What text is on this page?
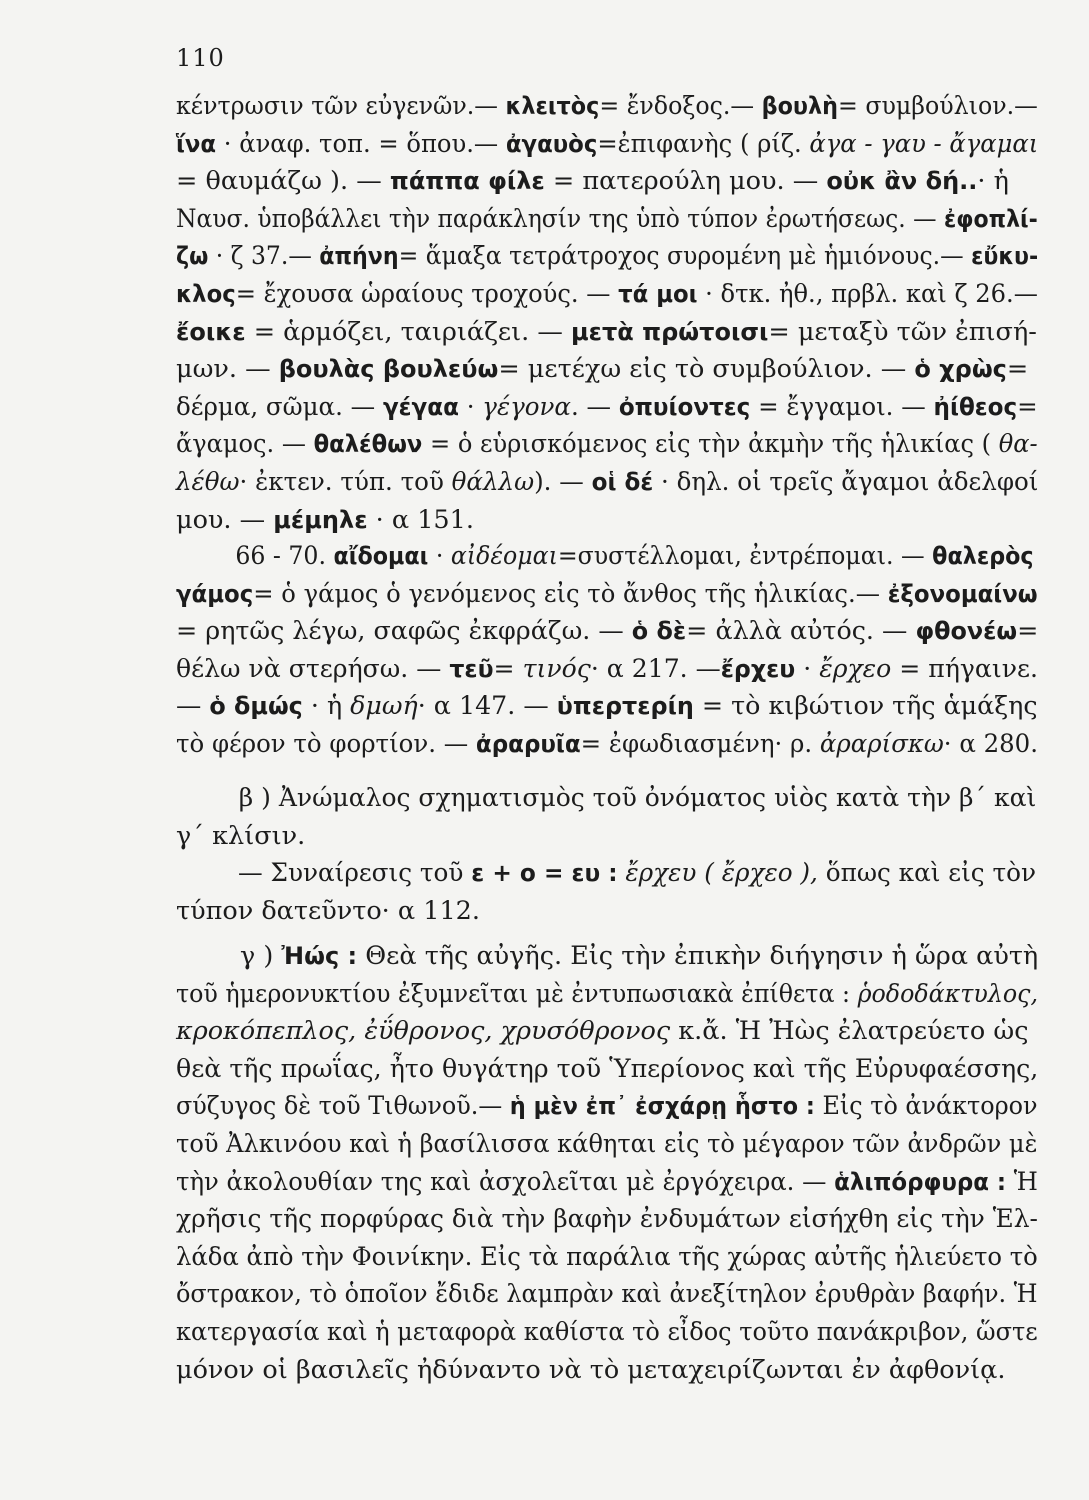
110
κέντρωσιν τῶν εὐγενῶν.— κλειτὸς= ἔνδοξος.— βουλὴ= συμβούλιον.—
ἵνα · ἀναφ. τοπ. = ὅπου.— ἀγαυὸς=ἐπιφανὴς ( ρίζ. ἀγα - γαυ - ἄγαμαι
= θαυμάζω ). — πάππα φίλε = πατερούλη μου. — οὐκ ἂν δή..· ἡ
Ναυσ. ὑποβάλλει τὴν παράκλησίν της ὑπὸ τύπον ἐρωτήσεως. — ἐφοπλί-
ζω · ζ 37.— ἀπήνη= ἅμαξα τετράτροχος συρομένη μὲ ἡμιόνους.— εὔκυ-
κλος= ἔχουσα ὡραίους τροχούς. — τά μοι · δτκ. ἠθ., πρβλ. καὶ ζ 26.—
ἔοικε = ἁρμόζει, ταιριάζει. — μετὰ πρώτοισι= μεταξὺ τῶν ἐπισή-
μων. — βουλὰς βουλεύω= μετέχω εἰς τὸ συμβούλιον. — ὁ χρὼς=
δέρμα, σῶμα. — γέγαα · γέγονα. — ὀπυίοντες = ἔγγαμοι. — ἠίθεος=
ἄγαμος. — θαλέθων = ὁ εὑρισκόμενος εἰς τὴν ἀκμὴν τῆς ἡλικίας ( θα-
λέθω· ἐκτεν. τύπ. τοῦ θάλλω). — οἱ δέ · δηλ. οἱ τρεῖς ἄγαμοι ἀδελφοί
μου. — μέμηλε · α 151.
66 - 70. αἴδομαι · αἰδέομαι=συστέλλομαι, ἐντρέπομαι. — θαλερὸς
γάμος= ὁ γάμος ὁ γενόμενος εἰς τὸ ἄνθος τῆς ἡλικίας.— ἐξονομαίνω
= ρητῶς λέγω, σαφῶς ἐκφράζω. — ὁ δὲ= ἀλλὰ αὐτός. — φθονέω=
θέλω νὰ στερήσω. — τεῦ= τινός· α 217. —ἔρχευ · ἔρχεο = πήγαινε.
— ὁ δμώς · ἡ δμωή· α 147. — ὑπερτερίη = τὸ κιβώτιον τῆς ἁμάξης
τὸ φέρον τὸ φορτίον. — ἀραρυῖα= ἐφωδιασμένη· ρ. ἀραρίσκω· α 280.
β ) Ἀνώμαλος σχηματισμὸς τοῦ ὀνόματος υἱὸς κατὰ τὴν β΄ καὶ
γ΄ κλίσιν.
— Συναίρεσις τοῦ ε + ο = ευ : ἔρχευ ( ἔρχεο ), ὅπως καὶ εἰς τὸν
τύπον δατεῦντο· α 112.
γ ) Ἠώς : Θεὰ τῆς αὐγῆς. Εἰς τὴν ἐπικὴν διήγησιν ἡ ὥρα αὐτὴ
τοῦ ἡμερονυκτίου ἐξυμνεῖται μὲ ἐντυπωσιακὰ ἐπίθετα : ῥοδοδάκτυλος,
κροκόπεπλος, ἐΰθρονος, χρυσόθρονος κ.ἄ. Ἡ Ἠὼς ἐλατρεύετο ὡς
θεὰ τῆς πρωΐας, ἦτο θυγάτηρ τοῦ Ὑπερίονος καὶ τῆς Εὐρυφαέσσης,
σύζυγος δὲ τοῦ Τιθωνοῦ.— ἡ μὲν ἐπ᾽ ἐσχάρῃ ἧστο : Εἰς τὸ ἀνάκτορον
τοῦ Ἀλκινόου καὶ ἡ βασίλισσα κάθηται εἰς τὸ μέγαρον τῶν ἀνδρῶν μὲ
τὴν ἀκολουθίαν της καὶ ἀσχολεῖται μὲ ἐργόχειρα. — ἁλιπόρφυρα : Ἡ
χρῆσις τῆς πορφύρας διὰ τὴν βαφὴν ἐνδυμάτων εἰσήχθη εἰς τὴν Ἑλ-
λάδα ἀπὸ τὴν Φοινίκην. Εἰς τὰ παράλια τῆς χώρας αὐτῆς ἡλιεύετο τὸ
ὄστρακον, τὸ ὁποῖον ἔδιδε λαμπρὰν καὶ ἀνεξίτηλον ἐρυθρὰν βαφήν. Ἡ
κατεργασία καὶ ἡ μεταφορὰ καθίστα τὸ εἶδος τοῦτο πανάκριβον, ὥστε
μόνον οἱ βασιλεῖς ἠδύναντο νὰ τὸ μεταχειρίζωνται ἐν ἀφθονίᾳ.
